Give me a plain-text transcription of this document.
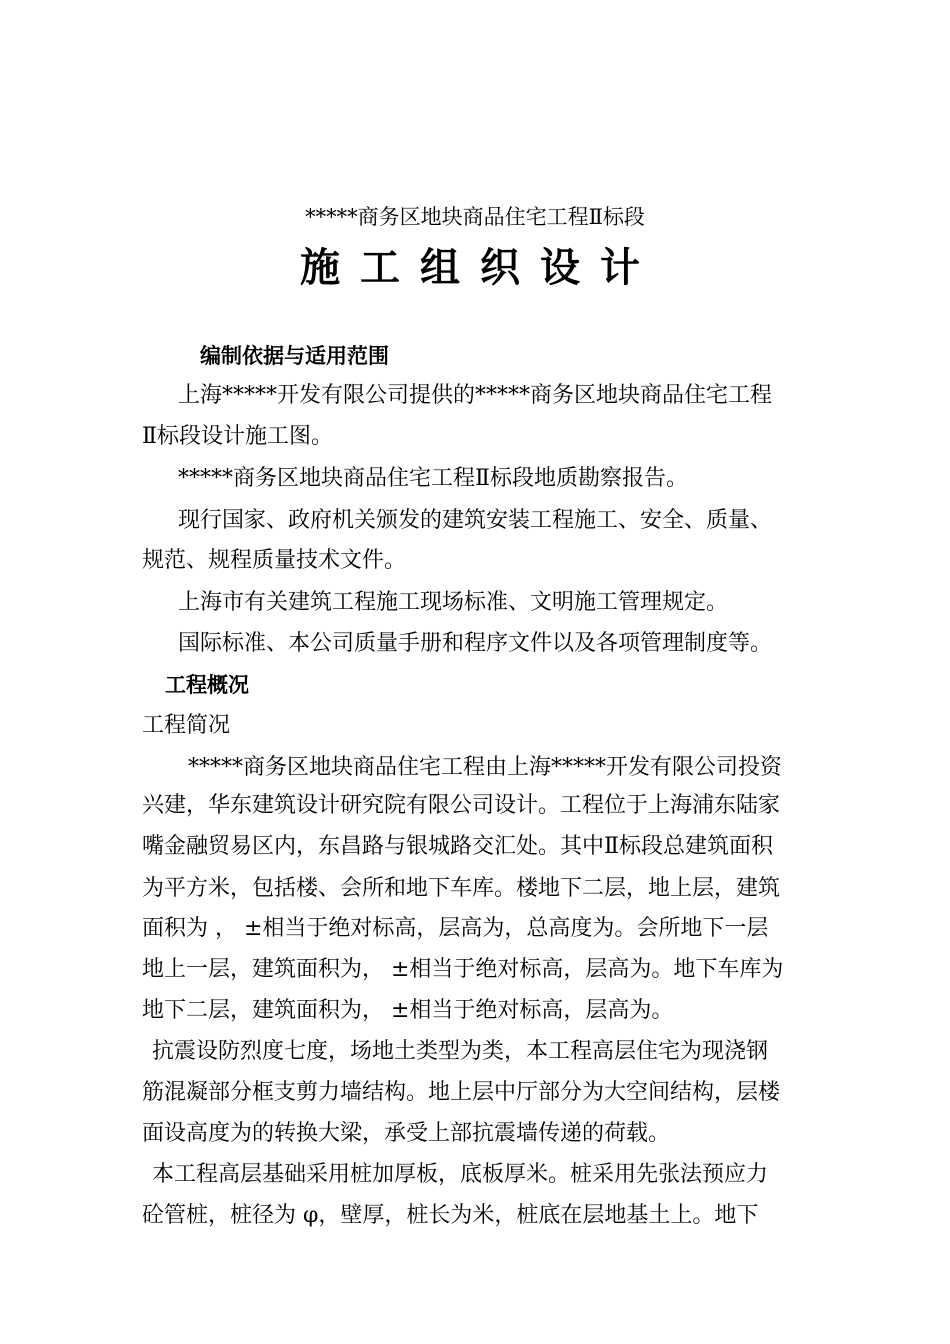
*****商务区地块商品住宅工程Ⅱ标段
施工组织设计
编制依据与适用范围
上海*****开发有限公司提供的*****商务区地块商品住宅工程
Ⅱ标段设计施工图。
*****商务区地块商品住宅工程Ⅱ标段地质勘察报告。
现行国家、政府机关颁发的建筑安装工程施工、安全、质量、
规范、规程质量技术文件。
上海市有关建筑工程施工现场标准、文明施工管理规定。
国际标准、本公司质量手册和程序文件以及各项管理制度等。
工程概况
工程简况
*****商务区地块商品住宅工程由上海*****开发有限公司投资
兴建，华东建筑设计研究院有限公司设计。工程位于上海浦东陆家
嘴金融贸易区内，东昌路与银城路交汇处。其中Ⅱ标段总建筑面积
为平方米，包括楼、会所和地下车库。楼地下二层，地上层，建筑
面积为 ， ±相当于绝对标高，层高为，总高度为。会所地下一层
地上一层，建筑面积为， ±相当于绝对标高，层高为。地下车库为
地下二层，建筑面积为， ±相当于绝对标高，层高为。
抗震设防烈度七度，场地土类型为类，本工程高层住宅为现浇钢
筋混凝部分框支剪力墙结构。地上层中厅部分为大空间结构，层楼
面设高度为的转换大梁，承受上部抗震墙传递的荷载。
本工程高层基础采用桩加厚板，底板厚米。桩采用先张法预应力
砼管桩，桩径为 φ，壁厚，桩长为米，桩底在层地基土上。地下
